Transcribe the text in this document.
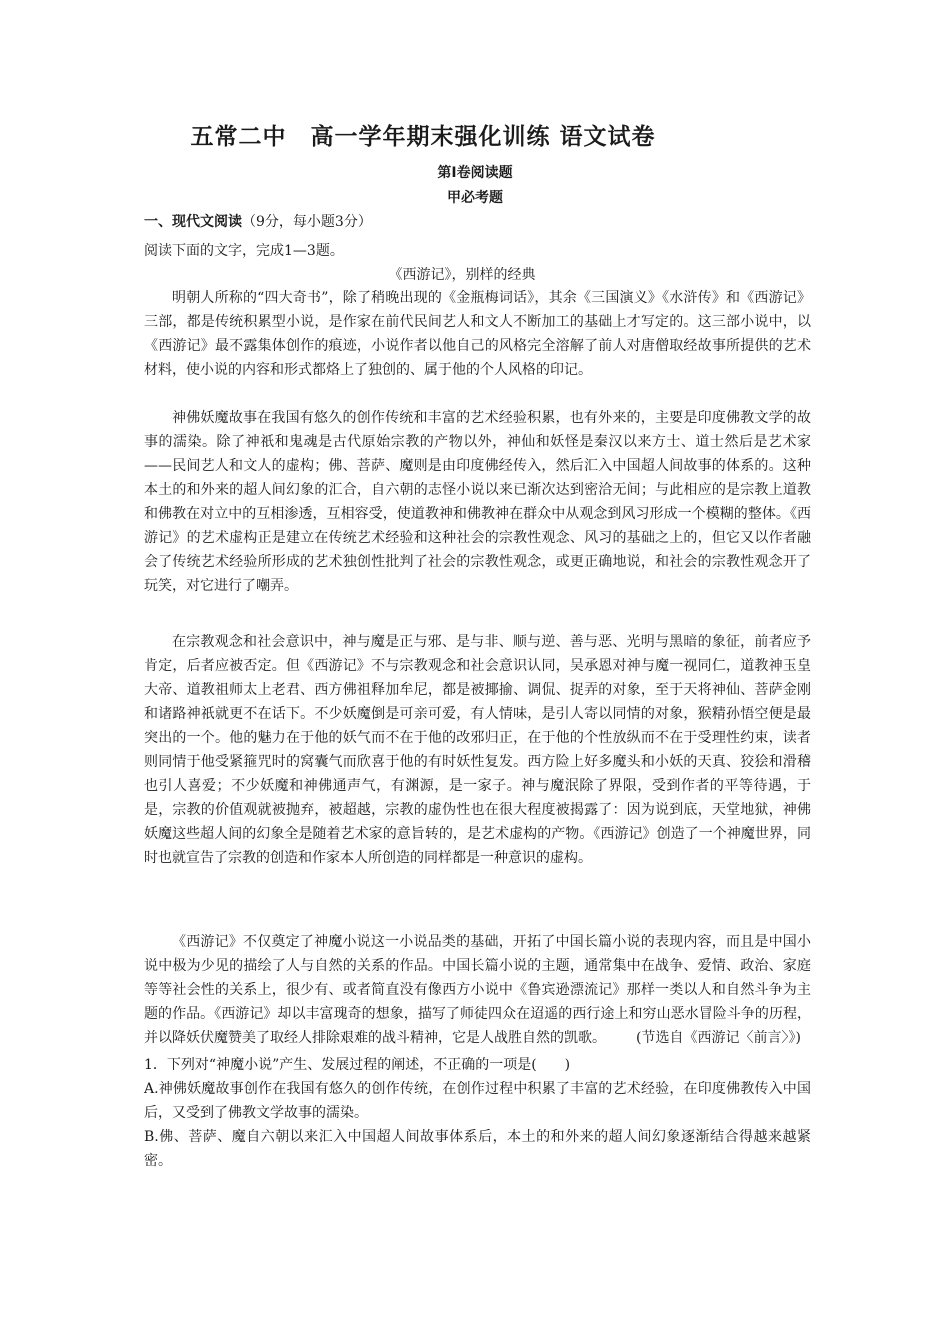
五常二中　高一学年期末强化训练 语文试卷
第Ⅰ卷阅读题
甲必考题
一、现代文阅读（9分，每小题3分）
阅读下面的文字，完成1—3题。
《西游记》，别样的经典

明朝人所称的“四大奇书”，除了稍晚出现的《金瓶梅词话》，其余《三国演义》《水浒传》和《西游记》三部，都是传统积累型小说，是作家在前代民间艺人和文人不断加工的基础上才写定的。这三部小说中，以《西游记》最不露集体创作的痕迹，小说作者以他自己的风格完全溶解了前人对唐僧取经故事所提供的艺术材料，使小说的内容和形式都烙上了独创的、属于他的个人风格的印记。

神佛妖魔故事在我国有悠久的创作传统和丰富的艺术经验积累，也有外来的，主要是印度佛教文学的故事的濡染。除了神祇和鬼魂是古代原始宗教的产物以外，神仙和妖怪是秦汉以来方士、道士然后是艺术家——民间艺人和文人的虚构；佛、菩萨、魔则是由印度佛经传入，然后汇入中国超人间故事的体系的。这种本土的和外来的超人间幻象的汇合，自六朝的志怪小说以来已渐次达到密洽无间；与此相应的是宗教上道教和佛教在对立中的互相渗透，互相容受，使道教神和佛教神在群众中从观念到风习形成一个模糊的整体。《西游记》的艺术虚构正是建立在传统艺术经验和这种社会的宗教性观念、风习的基础之上的，但它又以作者融会了传统艺术经验所形成的艺术独创性批判了社会的宗教性观念，或更正确地说，和社会的宗教性观念开了玩笑，对它进行了嘲弄。

在宗教观念和社会意识中，神与魔是正与邪、是与非、顺与逆、善与恶、光明与黑暗的象征，前者应予肯定，后者应被否定。但《西游记》不与宗教观念和社会意识认同，吴承恩对神与魔一视同仁，道教神玉皇大帝、道教祖师太上老君、西方佛祖释加牟尼，都是被揶揄、调侃、捉弄的对象，至于天将神仙、菩萨金刚和诸路神祇就更不在话下。不少妖魔倒是可亲可爱，有人情味，是引人寄以同情的对象，猴精孙悟空便是最突出的一个。他的魅力在于他的妖气而不在于他的改邪归正，在于他的个性放纵而不在于受理性约束，读者则同情于他受紧箍咒时的窝囊气而欣喜于他的有时妖性复发。西方险上好多魔头和小妖的天真、狡狯和滑稽也引人喜爱；不少妖魔和神佛通声气，有渊源，是一家子。神与魔泯除了界限，受到作者的平等待遇，于是，宗教的价值观就被抛弃，被超越，宗教的虚伪性也在很大程度被揭露了：因为说到底，天堂地狱，神佛妖魔这些超人间的幻象全是随着艺术家的意旨转的，是艺术虚构的产物。《西游记》创造了一个神魔世界，同时也就宣告了宗教的创造和作家本人所创造的同样都是一种意识的虚构。

《西游记》不仅奠定了神魔小说这一小说品类的基础，开拓了中国长篇小说的表现内容，而且是中国小说中极为少见的描绘了人与自然的关系的作品。中国长篇小说的主题，通常集中在战争、爱情、政治、家庭等等社会性的关系上，很少有、或者简直没有像西方小说中《鲁宾逊漂流记》那样一类以人和自然斗争为主题的作品。《西游记》却以丰富瑰奇的想象，描写了师徒四众在迢遥的西行途上和穷山恶水冒险斗争的历程，并以降妖伏魔赞美了取经人排除艰难的战斗精神，它是人战胜自然的凯歌。 (节选自《西游记〈前言〉》)

1．下列对“神魔小说”产生、发展过程的阐述，不正确的一项是(　　)

A.神佛妖魔故事创作在我国有悠久的创作传统，在创作过程中积累了丰富的艺术经验，在印度佛教传入中国后，又受到了佛教文学故事的濡染。

B.佛、菩萨、魔自六朝以来汇入中国超人间故事体系后，本土的和外来的超人间幻象逐渐结合得越来越紧密。
